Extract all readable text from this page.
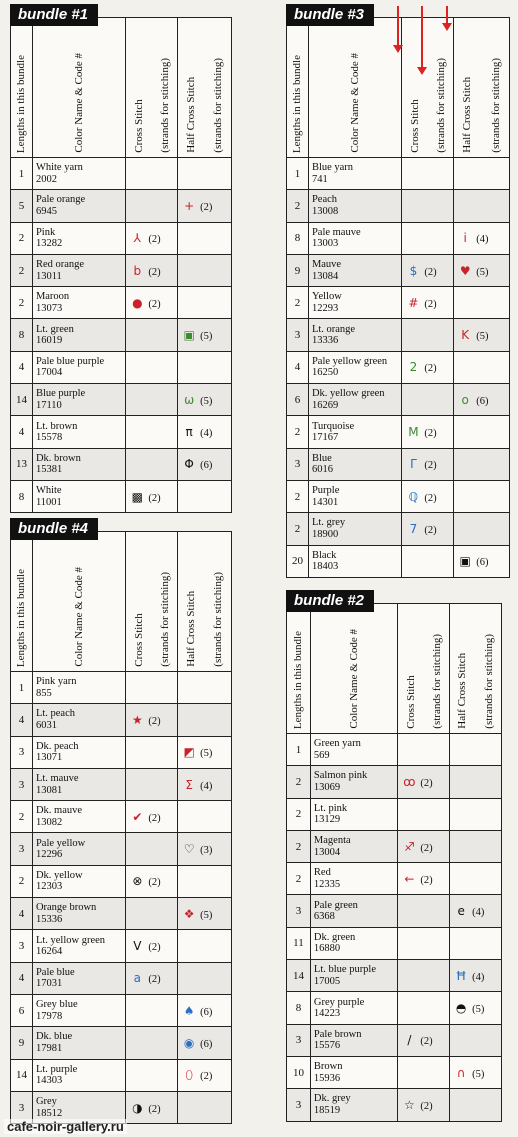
Lengths in this bundle	Color Name & Code #	Cross Stitch (strands for stitching)	Half Cross Stitch (strands for stitching)

1	White yarn
2002		

5	Pale orange
6945		+ (2)
2	Pink
13282	⅄ (2)	
2	Red orange
13011	b (2)	
2	Maroon
13073	● (2)	
8	Lt. green
16019		▣ (5)
4	Pale blue purple
17004		

14	Blue purple
17110		ω (5)
4	Lt. brown
15578		π (4)
13	Dk. brown
15381		Φ (6)
8	White
11001	▩ (2)	
bundle #1
Lengths in this bundle	Color Name & Code #	Cross Stitch (strands for stitching)	Half Cross Stitch (strands for stitching)

1	Blue yarn
741		

2	Peach
13008		

8	Pale mauve
13003		i (4)
9	Mauve
13084	$ (2)	♥ (5)
2	Yellow
12293	# (2)	
3	Lt. orange
13336		K (5)
4	Pale yellow green
16250	2 (2)	
6	Dk. yellow green
16269		o (6)
2	Turquoise
17167	M (2)	
3	Blue
6016	Γ (2)	
2	Purple
14301	ℚ (2)	
2	Lt. grey
18900	7 (2)	
20	Black
18403		▣ (6)
bundle #3
Lengths in this bundle	Color Name & Code #	Cross Stitch (strands for stitching)	Half Cross Stitch (strands for stitching)

1	Pink yarn
855		

4	Lt. peach
6031	★ (2)	
3	Dk. peach
13071		◩ (5)
3	Lt. mauve
13081		Σ (4)
2	Dk. mauve
13082	✔ (2)	
3	Pale yellow
12296		♡ (3)
2	Dk. yellow
12303	⊗ (2)	
4	Orange brown
15336		❖ (5)
3	Lt. yellow green
16264	V (2)	
4	Pale blue
17031	a (2)	
6	Grey blue
17978		♠ (6)
9	Dk. blue
17981		◉ (6)
14	Lt. purple
14303		⬯ (2)
3	Grey
18512	◑ (2)	
bundle #4
Lengths in this bundle	Color Name & Code #	Cross Stitch (strands for stitching)	Half Cross Stitch (strands for stitching)

1	Green yarn
569		

2	Salmon pink
13069	ꝏ (2)	
2	Lt. pink
13129		

2	Magenta
13004	♐ (2)	
2	Red
12335	← (2)	
3	Pale green
6368		e (4)
11	Dk. green
16880		

14	Lt. blue purple
17005		Ħ (4)
8	Grey purple
14223		◓ (5)
3	Pale brown
15576	/ (2)	
10	Brown
15936		∩ (5)
3	Dk. grey
18519	☆ (2)	
bundle #2
cafe-noir-gallery.ru
